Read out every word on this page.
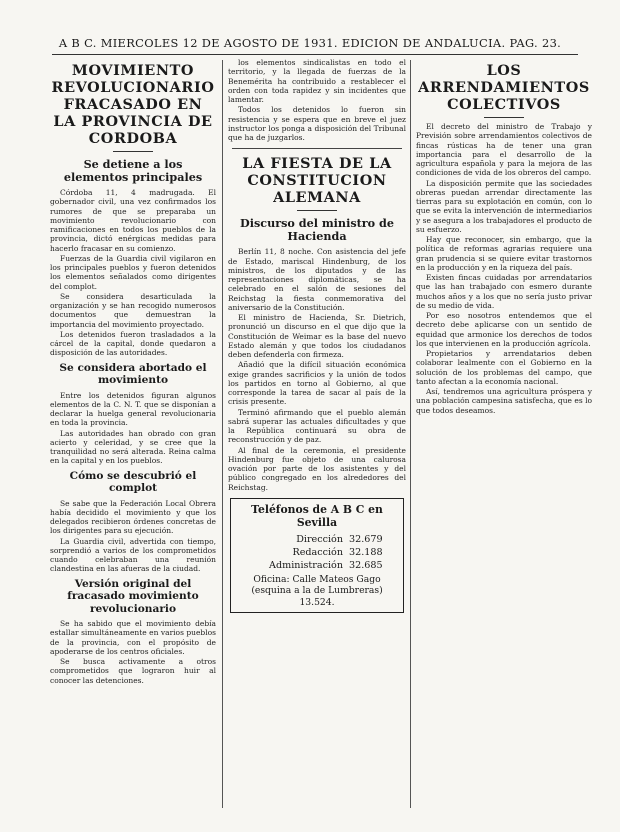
A B C. MIERCOLES 12 DE AGOSTO DE 1931. EDICION DE ANDALUCIA. PAG. 23.
MOVIMIENTO REVOLUCIONARIO FRACASADO EN LA PROVINCIA DE CORDOBA
Se detiene a los elementos principales

Córdoba 11, 4 madrugada. El gobernador civil, una vez confirmados los rumores de que se preparaba un movimiento revolucionario con ramificaciones en todos los pueblos de la provincia, dictó enérgicas medidas para hacerlo fracasar en su comienzo.

Fuerzas de la Guardia civil vigilaron en los principales pueblos y fueron detenidos los elementos señalados como dirigentes del complot.

Se considera desarticulada la organización y se han recogido numerosos documentos que demuestran la importancia del movimiento proyectado.

Los detenidos fueron trasladados a la cárcel de la capital, donde quedaron a disposición de las autoridades.

Se considera abortado el movimiento

Entre los detenidos figuran algunos elementos de la C. N. T. que se disponían a declarar la huelga general revolucionaria en toda la provincia.

Las autoridades han obrado con gran acierto y celeridad, y se cree que la tranquilidad no será alterada. Reina calma en la capital y en los pueblos.

Cómo se descubrió el complot

Se sabe que la Federación Local Obrera había decidido el movimiento y que los delegados recibieron órdenes concretas de los dirigentes para su ejecución.

La Guardia civil, advertida con tiempo, sorprendió a varios de los comprometidos cuando celebraban una reunión clandestina en las afueras de la ciudad.

Versión original del fracasado movimiento revolucionario

Se ha sabido que el movimiento debía estallar simultáneamente en varios pueblos de la provincia, con el propósito de apoderarse de los centros oficiales.

Se busca activamente a otros comprometidos que lograron huir al conocer las detenciones.

los elementos sindicalistas en todo el territorio, y la llegada de fuerzas de la Benemérita ha contribuido a restablecer el orden con toda rapidez y sin incidentes que lamentar.

Todos los detenidos lo fueron sin resistencia y se espera que en breve el juez instructor los ponga a disposición del Tribunal que ha de juzgarlos.

LA FIESTA DE LA CONSTITUCION ALEMANA
Discurso del ministro de Hacienda

Berlín 11, 8 noche. Con asistencia del jefe de Estado, mariscal Hindenburg, de los ministros, de los diputados y de las representaciones diplomáticas, se ha celebrado en el salón de sesiones del Reichstag la fiesta conmemorativa del aniversario de la Constitución.

El ministro de Hacienda, Sr. Dietrich, pronunció un discurso en el que dijo que la Constitución de Weimar es la base del nuevo Estado alemán y que todos los ciudadanos deben defenderla con firmeza.

Añadió que la difícil situación económica exige grandes sacrificios y la unión de todos los partidos en torno al Gobierno, al que corresponde la tarea de sacar al país de la crisis presente.

Terminó afirmando que el pueblo alemán sabrá superar las actuales dificultades y que la República continuará su obra de reconstrucción y de paz.

Al final de la ceremonia, el presidente Hindenburg fue objeto de una calurosa ovación por parte de los asistentes y del público congregado en los alrededores del Reichstag.

Teléfonos de A B C en Sevilla
Dirección 32.679
Redacción 32.188
Administración 32.685
Oficina: Calle Mateos Gago (esquina a la de Lumbreras) 13.524.
LOS ARRENDAMIENTOS COLECTIVOS

El decreto del ministro de Trabajo y Previsión sobre arrendamientos colectivos de fincas rústicas ha de tener una gran importancia para el desarrollo de la agricultura española y para la mejora de las condiciones de vida de los obreros del campo.

La disposición permite que las sociedades obreras puedan arrendar directamente las tierras para su explotación en común, con lo que se evita la intervención de intermediarios y se asegura a los trabajadores el producto de su esfuerzo.

Hay que reconocer, sin embargo, que la política de reformas agrarias requiere una gran prudencia si se quiere evitar trastornos en la producción y en la riqueza del país.

Existen fincas cuidadas por arrendatarios que las han trabajado con esmero durante muchos años y a los que no sería justo privar de su medio de vida.

Por eso nosotros entendemos que el decreto debe aplicarse con un sentido de equidad que armonice los derechos de todos los que intervienen en la producción agrícola.

Propietarios y arrendatarios deben colaborar lealmente con el Gobierno en la solución de los problemas del campo, que tanto afectan a la economía nacional.

Así, tendremos una agricultura próspera y una población campesina satisfecha, que es lo que todos deseamos.
